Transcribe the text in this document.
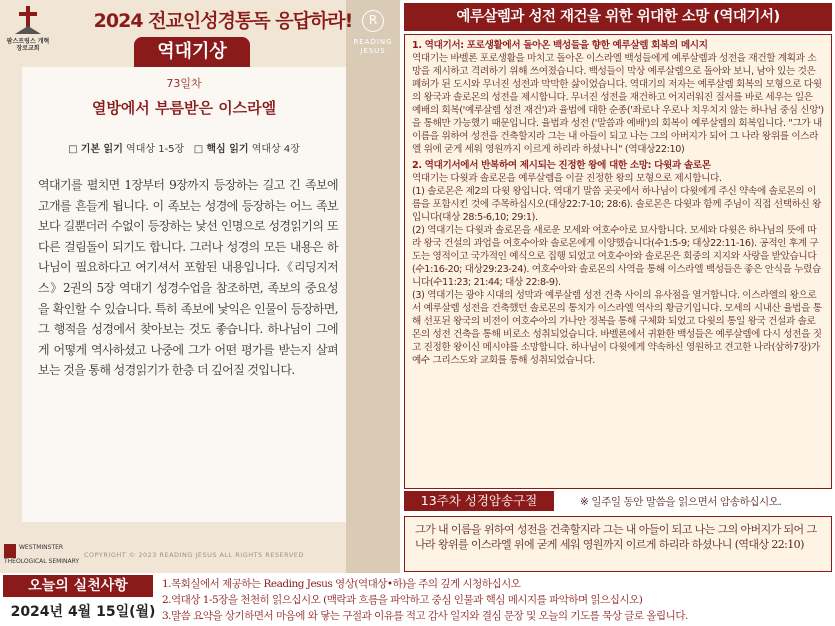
R
READING JESUS
팜스프링스 개혁장로교회
2024 전교인성경통독 응답하라!
역대기상
73일차
열방에서 부름받은 이스라엘
□ 기본 읽기 역대상 1-5장 □ 핵심 읽기 역대상 4장
역대기를 펼치면 1장부터 9장까지 등장하는 길고 긴 족보에 고개를 흔들게 됩니다. 이 족보는 성경에 등장하는 어느 족보보다 길뿐더러 수없이 등장하는 낯선 인명으로 성경읽기의 또 다른 걸림돌이 되기도 합니다. 그러나 성경의 모든 내용은 하나님이 필요하다고 여기셔서 포함된 내용입니다.《리딩지저스》2권의 5장 역대기 성경수업을 참조하면, 족보의 중요성을 확인할 수 있습니다. 특히 족보에 낯익은 인물이 등장하면, 그 행적을 성경에서 찾아보는 것도 좋습니다. 하나님이 그에게 어떻게 역사하셨고 나중에 그가 어떤 평가를 받는지 살펴 보는 것을 통해 성경읽기가 한층 더 깊어질 것입니다.
WESTMINSTER THEOLOGICAL SEMINARY
COPYRIGHT © 2023 READING JESUS ALL RIGHTS RESERVED
예루살렘과 성전 재건을 위한 위대한 소망 (역대기서)

1. 역대기서: 포로생활에서 돌아온 백성들을 향한 예루살렘 회복의 메시지

역대기는 바벨론 포로생활을 마치고 돌아온 이스라엘 백성들에게 예루살렘과 성전을 재건할 계획과 소망을 제시하고 격려하기 위해 쓰여졌습니다. 백성들이 막상 예루살렘으로 돌아와 보니, 남아 있는 것은 폐허가 된 도시와 무너진 성전과 막막한 삶이었습니다. 역대기의 저자는 예루살렘 회복의 모형으로 다윗의 왕국과 솔로몬의 성전을 제시합니다. 무너진 성전을 재건하고 어지러워진 질서를 바로 세우는 일은 예배의 회복('예루살렘 성전 재건')과 율법에 대한 순종('좌로나 우로나 치우치지 않는 하나님 중심 신앙')을 통해만 가능했기 때문입니다. 율법과 성전 ('말씀과 예배')의 회복이 예루살렘의 회복입니다. "그가 내 이름을 위하여 성전을 건축할지라 그는 내 아들이 되고 나는 그의 아버지가 되어 그 나라 왕위를 이스라엘 위에 굳게 세워 영원까지 이르게 하리라 하셨나니" (역대상22:10)

2. 역대기서에서 반복하여 제시되는 진정한 왕에 대한 소망: 다윗과 솔로몬

역대기는 다윗과 솔로몬을 예루살렘을 이끌 진정한 왕의 모형으로 제시합니다.

(1) 솔로몬은 제2의 다윗 왕입니다. 역대기 말씀 곳곳에서 하나님이 다윗에게 주신 약속에 솔로몬의 이름을 포함시킨 것에 주목하십시오(대상22:7-10; 28:6). 솔로몬은 다윗과 함께 주님이 직접 선택하신 왕입니다(대상 28:5-6,10; 29:1).

(2) 역대기는 다윗과 솔로몬을 새로운 모세와 여호수아로 묘사합니다. 모세와 다윗은 하나님의 뜻에 따라 왕국 건설의 과업을 여호수아와 솔로몬에게 이양했습니다(수1:5-9; 대상22:11-16). 공적인 후계 구도는 영적이고 국가적인 예식으로 집행 되었고 여호수아와 솔로몬은 회중의 지지와 사랑을 받았습니다(수1:16-20; 대상29:23-24). 여호수아와 솔로몬의 사역을 통해 이스라엘 백성들은 좋은 안식을 누렸습니다(수11:23; 21:44; 대상 22:8-9).

(3) 역대기는 광야 시대의 성막과 예루살렘 성전 건축 사이의 유사점을 열거합니다. 이스라엘의 왕으로서 예루살렘 성전을 건축했던 솔로몬의 통치가 이스라엘 역사의 황금기입니다. 모세의 시내산 율법을 통해 선포된 왕국의 비전이 여호수아의 가나안 정복을 통해 구체화 되었고 다윗의 통일 왕국 건설과 솔로몬의 성전 건축을 통해 비로소 성취되었습니다. 바벨론에서 귀환한 백성들은 예루살렘에 다시 성전을 짓고 진정한 왕이신 메시야를 소망합니다. 하나님이 다윗에게 약속하신 영원하고 견고한 나라(삼하7장)가 예수 그리스도와 교회를 통해 성취되었습니다.

13주차 성경암송구절	※ 일주일 동안 말씀을 읽으면서 암송하십시오.
그가 내 이름을 위하여 성전을 건축할지라 그는 내 아들이 되고 나는 그의 아버지가 되어 그 나라 왕위를 이스라엘 위에 굳게 세워 영원까지 이르게 하리라 하셨나니 (역대상 22:10)
오늘의 실천사항
2024년 4월 15일(월)
1.목회실에서 제공하는 Reading Jesus 영상(역대상•하)을 주의 깊게 시청하십시오
2.역대상 1-5장을 천천히 읽으십시오 (맥락과 흐름을 파악하고 중심 인물과 핵심 메시지를 파악하며 읽으십시오)
3.말씀 요약을 상기하면서 마음에 와 닿는 구절과 이유를 적고 감사 일지와 결심 문장 및 오늘의 기도를 묵상 글로 올립니다.
